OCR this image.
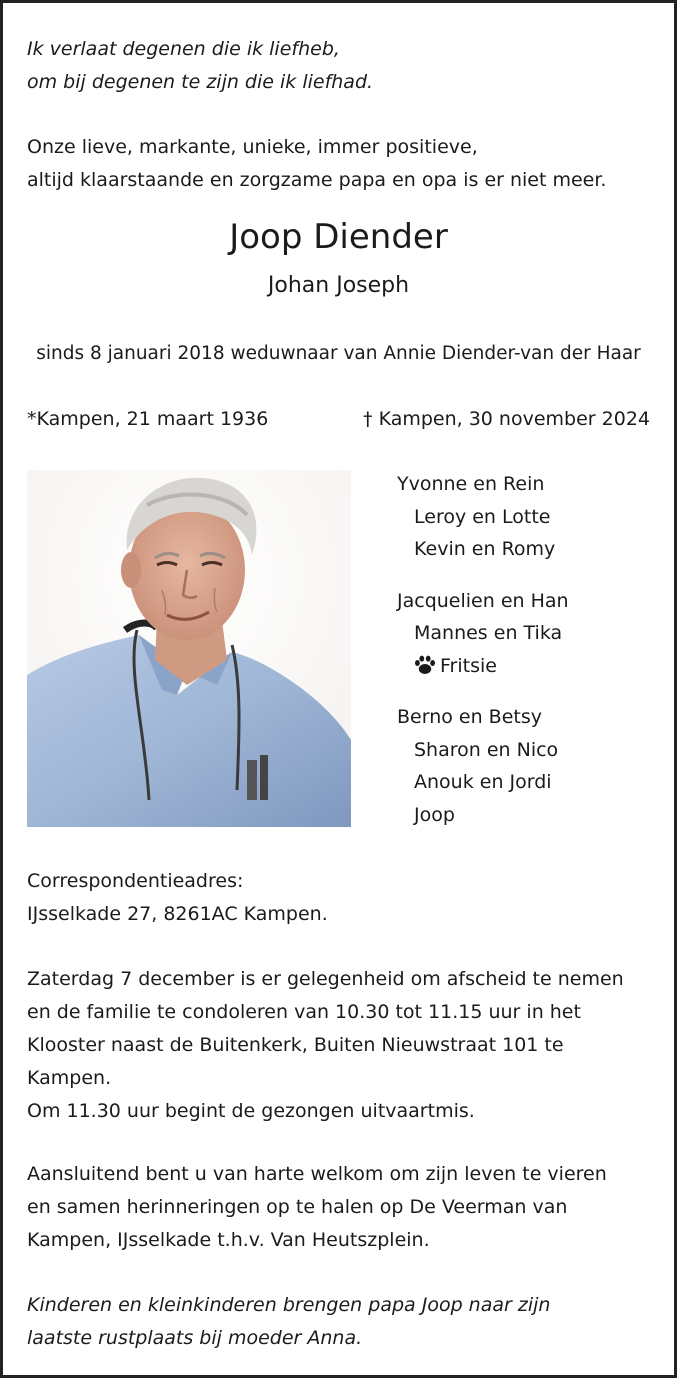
Ik verlaat degenen die ik liefheb,
om bij degenen te zijn die ik liefhad.
Onze lieve, markante, unieke, immer positieve,
altijd klaarstaande en zorgzame papa en opa is er niet meer.
Joop Diender
Johan Joseph
sinds 8 januari 2018 weduwnaar van Annie Diender-van der Haar
*Kampen, 21 maart 1936	† Kampen, 30 november 2024
Yvonne en Rein
Leroy en Lotte
Kevin en Romy
Jacquelien en Han
Mannes en Tika
Fritsie
Berno en Betsy
Sharon en Nico
Anouk en Jordi
Joop
Correspondentieadres:
IJsselkade 27, 8261AC Kampen.
Zaterdag 7 december is er gelegenheid om afscheid te nemen
en de familie te condoleren van 10.30 tot 11.15 uur in het
Klooster naast de Buitenkerk, Buiten Nieuwstraat 101 te
Kampen.
Om 11.30 uur begint de gezongen uitvaartmis.
Aansluitend bent u van harte welkom om zijn leven te vieren
en samen herinneringen op te halen op De Veerman van
Kampen, IJsselkade t.h.v. Van Heutszplein.
Kinderen en kleinkinderen brengen papa Joop naar zijn
laatste rustplaats bij moeder Anna.
